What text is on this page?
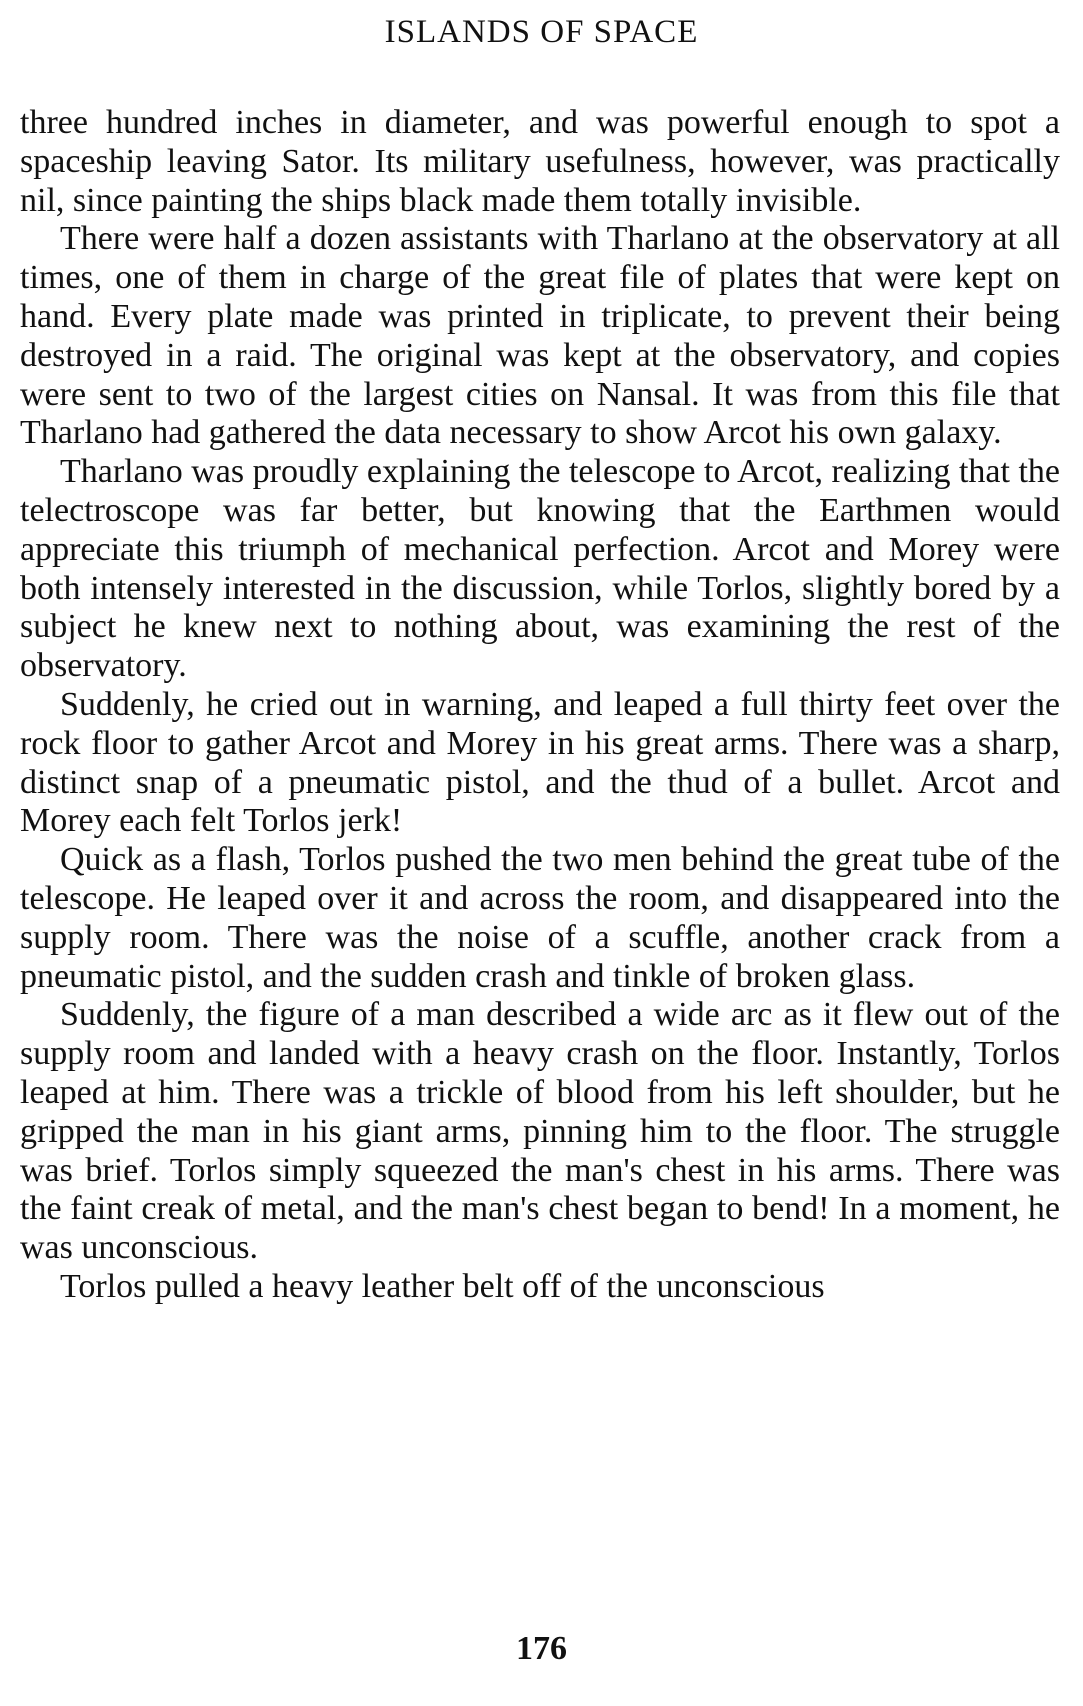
ISLANDS OF SPACE

three hundred inches in diameter, and was powerful enough to spot a spaceship leaving Sator. Its military usefulness, however, was practically nil, since painting the ships black made them totally invisible.

There were half a dozen assistants with Tharlano at the observatory at all times, one of them in charge of the great file of plates that were kept on hand. Every plate made was printed in triplicate, to prevent their being destroyed in a raid. The original was kept at the observatory, and copies were sent to two of the largest cities on Nansal. It was from this file that Tharlano had gathered the data necessary to show Arcot his own galaxy.

Tharlano was proudly explaining the telescope to Arcot, realizing that the telectroscope was far better, but knowing that the Earthmen would appreciate this triumph of mechanical perfection. Arcot and Morey were both intensely interested in the discussion, while Torlos, slightly bored by a subject he knew next to nothing about, was examining the rest of the observatory.

Suddenly, he cried out in warning, and leaped a full thirty feet over the rock floor to gather Arcot and Morey in his great arms. There was a sharp, distinct snap of a pneumatic pistol, and the thud of a bullet. Arcot and Morey each felt Torlos jerk!

Quick as a flash, Torlos pushed the two men behind the great tube of the telescope. He leaped over it and across the room, and disappeared into the supply room. There was the noise of a scuffle, another crack from a pneumatic pistol, and the sudden crash and tinkle of broken glass.

Suddenly, the figure of a man described a wide arc as it flew out of the supply room and landed with a heavy crash on the floor. Instantly, Torlos leaped at him. There was a trickle of blood from his left shoulder, but he gripped the man in his giant arms, pinning him to the floor. The struggle was brief. Torlos simply squeezed the man's chest in his arms. There was the faint creak of metal, and the man's chest began to bend! In a moment, he was unconscious.

Torlos pulled a heavy leather belt off of the unconscious

176
